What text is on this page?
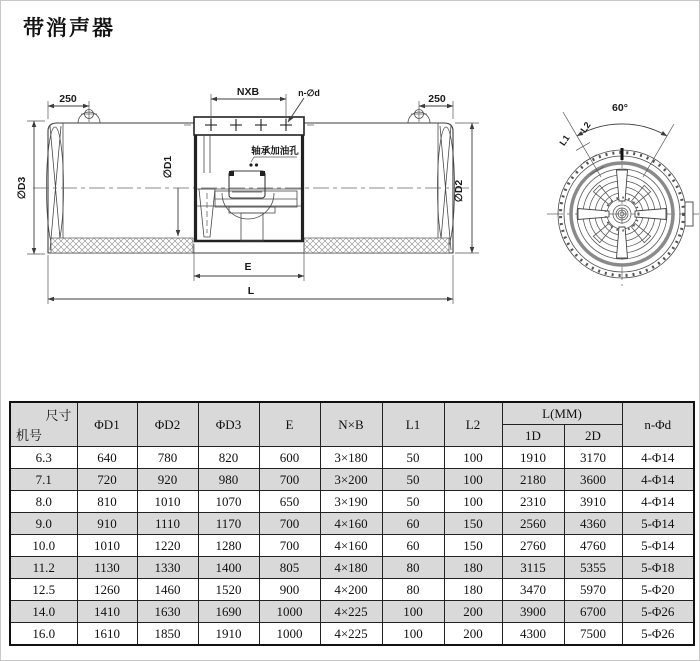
带消声器
轴承加油孔
250	250
NXB	n-∅d
∅D3
∅D1
∅D2
E
L
60°
L1
L2
尺寸
机号	ΦD1	ΦD2	ΦD3	E	N×B	L1	L2	L(MM)		n-Φd
								1D	2D	
6.3	640	780	820	600	3×180	50	100	1910	3170	4-Φ14
7.1	720	920	980	700	3×200	50	100	2180	3600	4-Φ14
8.0	810	1010	1070	650	3×190	50	100	2310	3910	4-Φ14
9.0	910	1110	1170	700	4×160	60	150	2560	4360	5-Φ14
10.0	1010	1220	1280	700	4×160	60	150	2760	4760	5-Φ14
11.2	1130	1330	1400	805	4×180	80	180	3115	5355	5-Φ18
12.5	1260	1460	1520	900	4×200	80	180	3470	5970	5-Φ20
14.0	1410	1630	1690	1000	4×225	100	200	3900	6700	5-Φ26
16.0	1610	1850	1910	1000	4×225	100	200	4300	7500	5-Φ26
